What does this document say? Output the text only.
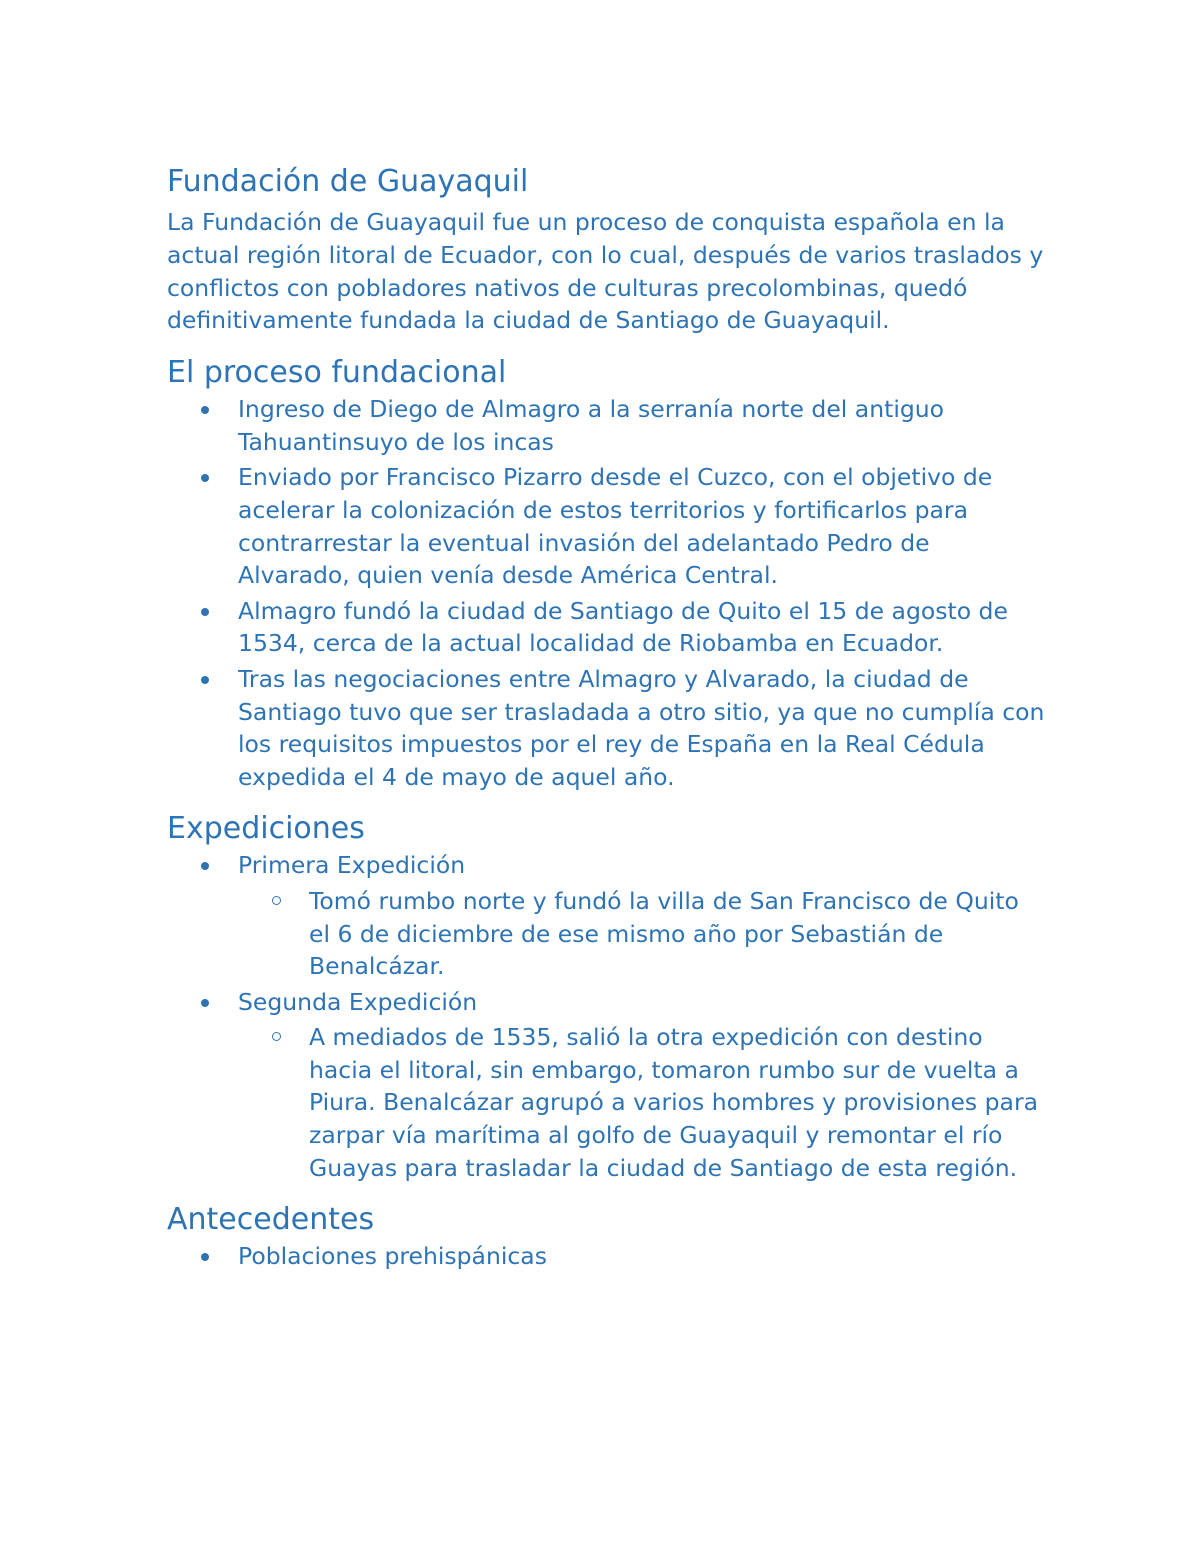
Fundación de Guayaquil

La Fundación de Guayaquil fue un proceso de conquista española en la actual región litoral de Ecuador, con lo cual, después de varios traslados y conflictos con pobladores nativos de culturas precolombinas, quedó definitivamente fundada la ciudad de Santiago de Guayaquil.

El proceso fundacional
Ingreso de Diego de Almagro a la serranía norte del antiguo Tahuantinsuyo de los incas
Enviado por Francisco Pizarro desde el Cuzco, con el objetivo de acelerar la colonización de estos territorios y fortificarlos para contrarrestar la eventual invasión del adelantado Pedro de Alvarado, quien venía desde América Central.
Almagro fundó la ciudad de Santiago de Quito el 15 de agosto de 1534, cerca de la actual localidad de Riobamba en Ecuador.
Tras las negociaciones entre Almagro y Alvarado, la ciudad de Santiago tuvo que ser trasladada a otro sitio, ya que no cumplía con los requisitos impuestos por el rey de España en la Real Cédula expedida el 4 de mayo de aquel año.
Expediciones
Primera Expedición
Tomó rumbo norte y fundó la villa de San Francisco de Quito el 6 de diciembre de ese mismo año por Sebastián de Benalcázar.
Segunda Expedición
A mediados de 1535, salió la otra expedición con destino hacia el litoral, sin embargo, tomaron rumbo sur de vuelta a Piura. Benalcázar agrupó a varios hombres y provisiones para zarpar vía marítima al golfo de Guayaquil y remontar el río Guayas para trasladar la ciudad de Santiago de esta región.
Antecedentes
Poblaciones prehispánicas
